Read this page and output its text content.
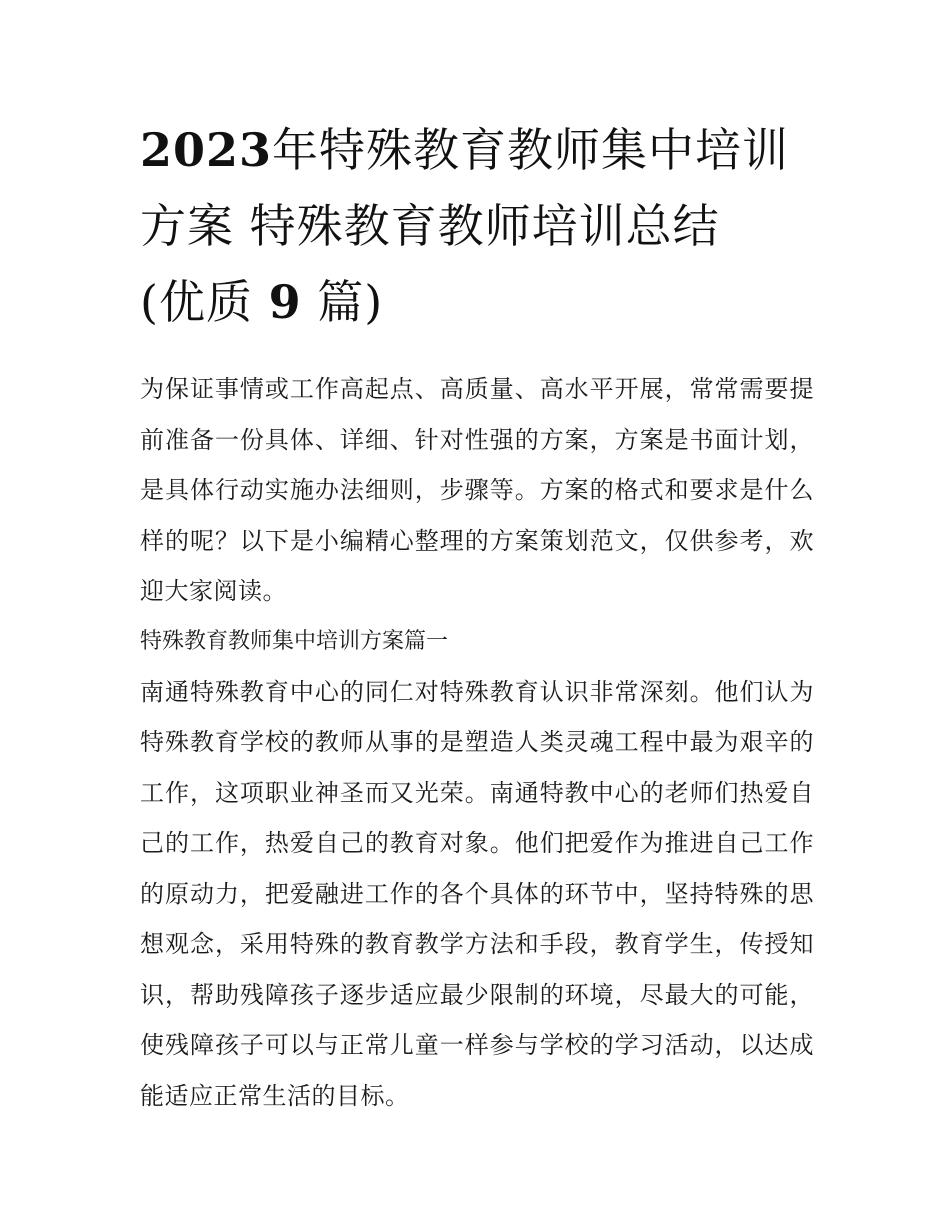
2023年特殊教育教师集中培训
方案 特殊教育教师培训总结
(优质 9 篇)

为保证事情或工作高起点、高质量、高水平开展，常常需要提前准备一份具体、详细、针对性强的方案，方案是书面计划，是具体行动实施办法细则，步骤等。方案的格式和要求是什么样的呢？以下是小编精心整理的方案策划范文，仅供参考，欢迎大家阅读。

特殊教育教师集中培训方案篇一

南通特殊教育中心的同仁对特殊教育认识非常深刻。他们认为特殊教育学校的教师从事的是塑造人类灵魂工程中最为艰辛的工作，这项职业神圣而又光荣。南通特教中心的老师们热爱自己的工作，热爱自己的教育对象。他们把爱作为推进自己工作的原动力，把爱融进工作的各个具体的环节中，坚持特殊的思想观念，采用特殊的教育教学方法和手段，教育学生，传授知识，帮助残障孩子逐步适应最少限制的环境，尽最大的可能，使残障孩子可以与正常儿童一样参与学校的学习活动，以达成能适应正常生活的目标。
